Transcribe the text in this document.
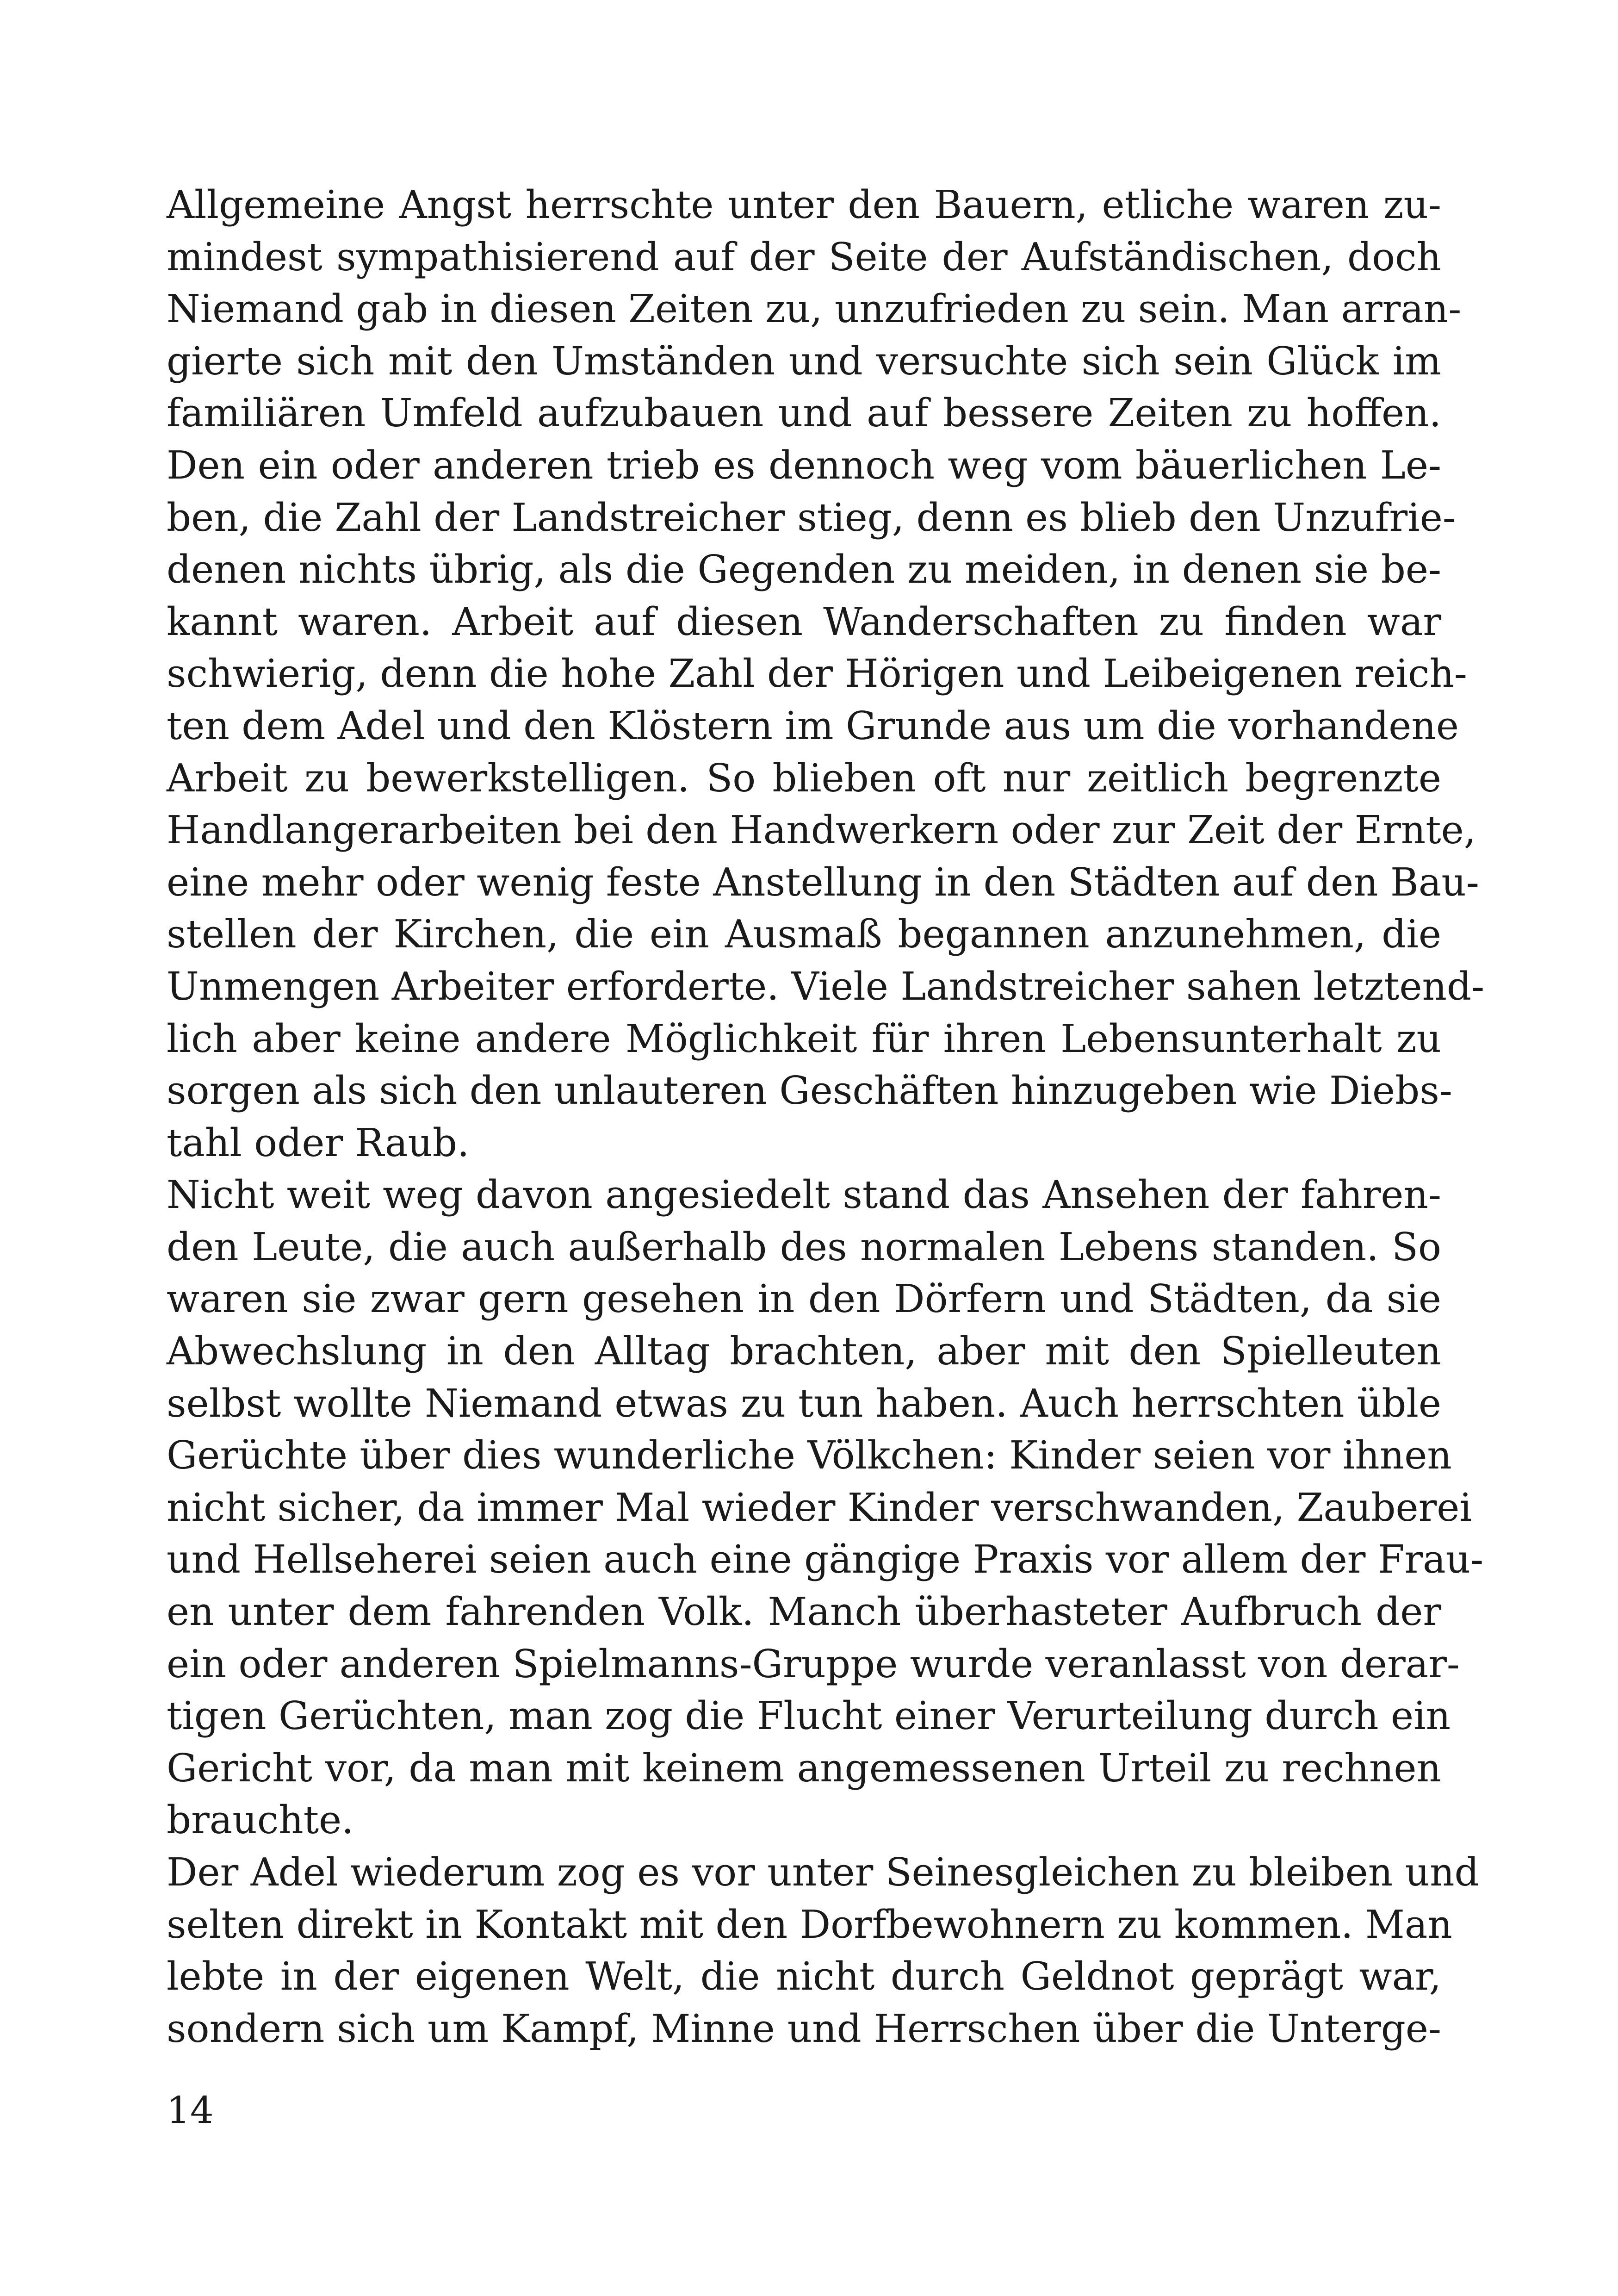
Allgemeine Angst herrschte unter den Bauern, etliche waren zu-
mindest sympathisierend auf der Seite der Aufständischen, doch
Niemand gab in diesen Zeiten zu, unzufrieden zu sein. Man arran-
gierte sich mit den Umständen und versuchte sich sein Glück im
familiären Umfeld aufzubauen und auf bessere Zeiten zu hoffen.
Den ein oder anderen trieb es dennoch weg vom bäuerlichen Le-
ben, die Zahl der Landstreicher stieg, denn es blieb den Unzufrie-
denen nichts übrig, als die Gegenden zu meiden, in denen sie be-
kannt waren. Arbeit auf diesen Wanderschaften zu finden war
schwierig, denn die hohe Zahl der Hörigen und Leibeigenen reich-
ten dem Adel und den Klöstern im Grunde aus um die vorhandene
Arbeit zu bewerkstelligen. So blieben oft nur zeitlich begrenzte
Handlangerarbeiten bei den Handwerkern oder zur Zeit der Ernte,
eine mehr oder wenig feste Anstellung in den Städten auf den Bau-
stellen der Kirchen, die ein Ausmaß begannen anzunehmen, die
Unmengen Arbeiter erforderte. Viele Landstreicher sahen letztend-
lich aber keine andere Möglichkeit für ihren Lebensunterhalt zu
sorgen als sich den unlauteren Geschäften hinzugeben wie Diebs-
tahl oder Raub.

Nicht weit weg davon angesiedelt stand das Ansehen der fahren-
den Leute, die auch außerhalb des normalen Lebens standen. So
waren sie zwar gern gesehen in den Dörfern und Städten, da sie
Abwechslung in den Alltag brachten, aber mit den Spielleuten
selbst wollte Niemand etwas zu tun haben. Auch herrschten üble
Gerüchte über dies wunderliche Völkchen: Kinder seien vor ihnen
nicht sicher, da immer Mal wieder Kinder verschwanden, Zauberei
und Hellseherei seien auch eine gängige Praxis vor allem der Frau-
en unter dem fahrenden Volk. Manch überhasteter Aufbruch der
ein oder anderen Spielmanns-Gruppe wurde veranlasst von derar-
tigen Gerüchten, man zog die Flucht einer Verurteilung durch ein
Gericht vor, da man mit keinem angemessenen Urteil zu rechnen
brauchte.

Der Adel wiederum zog es vor unter Seinesgleichen zu bleiben und
selten direkt in Kontakt mit den Dorfbewohnern zu kommen. Man
lebte in der eigenen Welt, die nicht durch Geldnot geprägt war,
sondern sich um Kampf, Minne und Herrschen über die Unterge-

14
